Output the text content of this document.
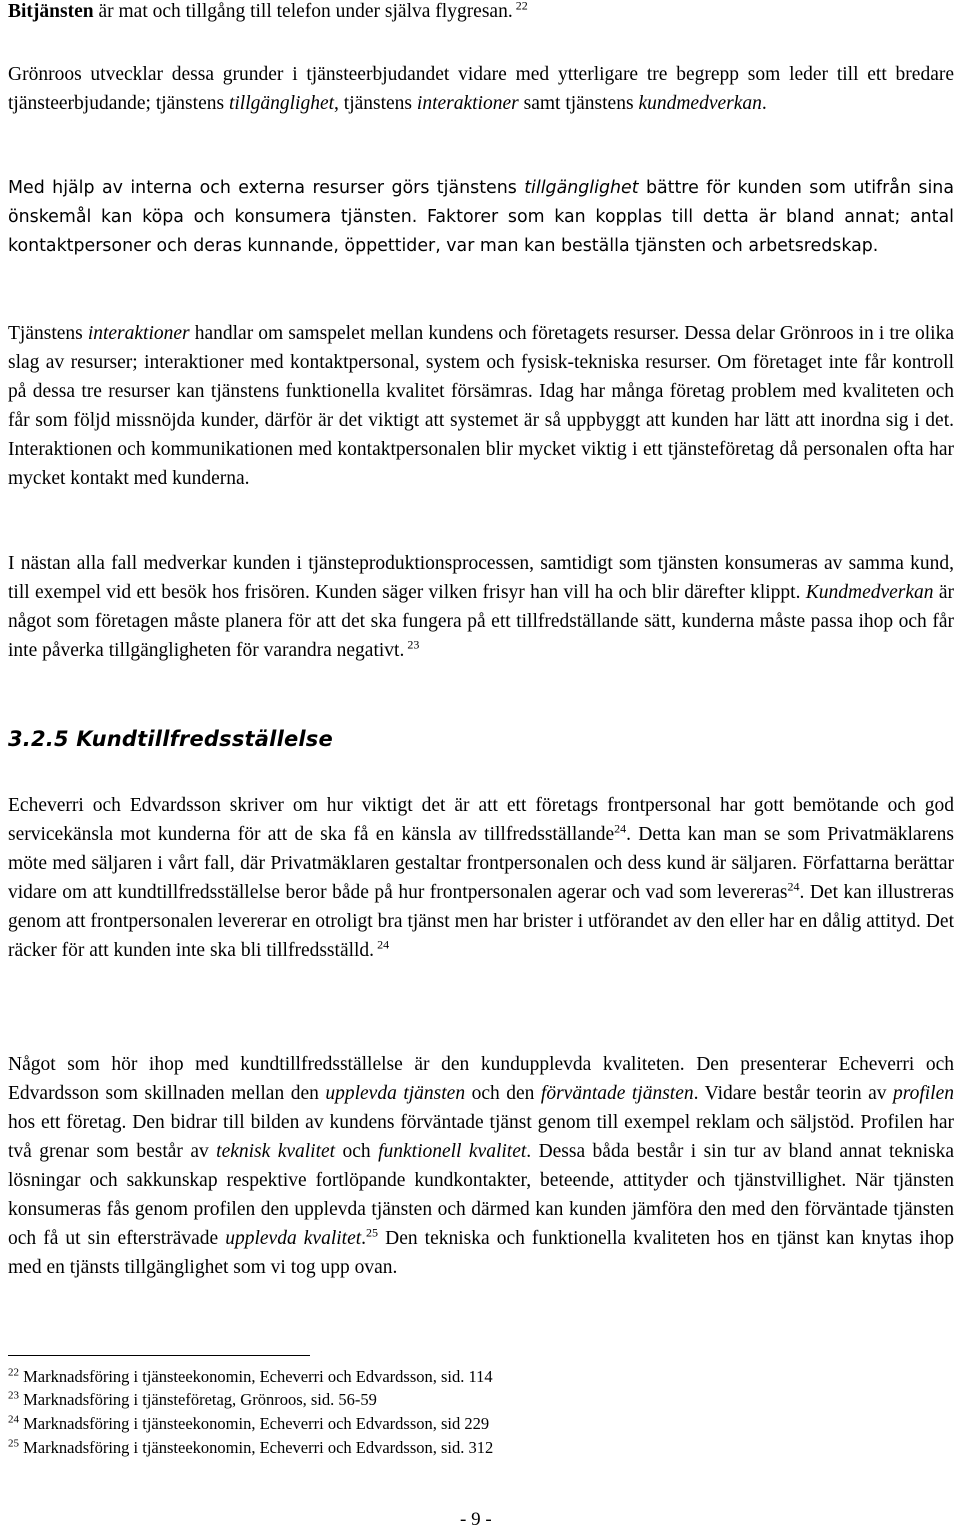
Bitjänsten är mat och tillgång till telefon under själva flygresan. $^{22}$

Grönroos utvecklar dessa grunder i tjänsteerbjudandet vidare med ytterligare tre begrepp som leder till ett bredare tjänsteerbjudande; tjänstens tillgänglighet, tjänstens interaktioner samt tjänstens kundmedverkan.

Med hjälp av interna och externa resurser görs tjänstens tillgänglighet bättre för kunden som utifrån sina önskemål kan köpa och konsumera tjänsten. Faktorer som kan kopplas till detta är bland annat; antal kontaktpersoner och deras kunnande, öppettider, var man kan beställa tjänsten och arbetsredskap.

Tjänstens interaktioner handlar om samspelet mellan kundens och företagets resurser. Dessa delar Grönroos in i tre olika slag av resurser; interaktioner med kontaktpersonal, system och fysisk-tekniska resurser. Om företaget inte får kontroll på dessa tre resurser kan tjänstens funktionella kvalitet försämras. Idag har många företag problem med kvaliteten och får som följd missnöjda kunder, därför är det viktigt att systemet är så uppbyggt att kunden har lätt att inordna sig i det. Interaktionen och kommunikationen med kontaktpersonalen blir mycket viktig i ett tjänsteföretag då personalen ofta har mycket kontakt med kunderna.

I nästan alla fall medverkar kunden i tjänsteproduktionsprocessen, samtidigt som tjänsten konsumeras av samma kund, till exempel vid ett besök hos frisören. Kunden säger vilken frisyr han vill ha och blir därefter klippt. Kundmedverkan är något som företagen måste planera för att det ska fungera på ett tillfredställande sätt, kunderna måste passa ihop och får inte påverka tillgängligheten för varandra negativt. $^{23}$

3.2.5 Kundtillfredsställelse

Echeverri och Edvardsson skriver om hur viktigt det är att ett företags frontpersonal har gott bemötande och god servicekänsla mot kunderna för att de ska få en känsla av tillfredsställande$^{24}$. Detta kan man se som Privatmäklarens möte med säljaren i vårt fall, där Privatmäklaren gestaltar frontpersonalen och dess kund är säljaren. Författarna berättar vidare om att kundtillfredsställelse beror både på hur frontpersonalen agerar och vad som levereras$^{24}$. Det kan illustreras genom att frontpersonalen levererar en otroligt bra tjänst men har brister i utförandet av den eller har en dålig attityd. Det räcker för att kunden inte ska bli tillfredsställd. $^{24}$

Något som hör ihop med kundtillfredsställelse är den kundupplevda kvaliteten. Den presenterar Echeverri och Edvardsson som skillnaden mellan den upplevda tjänsten och den förväntade tjänsten. Vidare består teorin av profilen hos ett företag. Den bidrar till bilden av kundens förväntade tjänst genom till exempel reklam och säljstöd. Profilen har två grenar som består av teknisk kvalitet och funktionell kvalitet. Dessa båda består i sin tur av bland annat tekniska lösningar och sakkunskap respektive fortlöpande kundkontakter, beteende, attityder och tjänstvillighet. När tjänsten konsumeras fås genom profilen den upplevda tjänsten och därmed kan kunden jämföra den med den förväntade tjänsten och få ut sin eftersträvade upplevda kvalitet.$^{25}$ Den tekniska och funktionella kvaliteten hos en tjänst kan knytas ihop med en tjänsts tillgänglighet som vi tog upp ovan.

$^{22}$ Marknadsföring i tjänsteekonomin, Echeverri och Edvardsson, sid. 114
$^{23}$ Marknadsföring i tjänsteföretag, Grönroos, sid. 56-59
$^{24}$ Marknadsföring i tjänsteekonomin, Echeverri och Edvardsson, sid 229
$^{25}$ Marknadsföring i tjänsteekonomin, Echeverri och Edvardsson, sid. 312
- 9 -
